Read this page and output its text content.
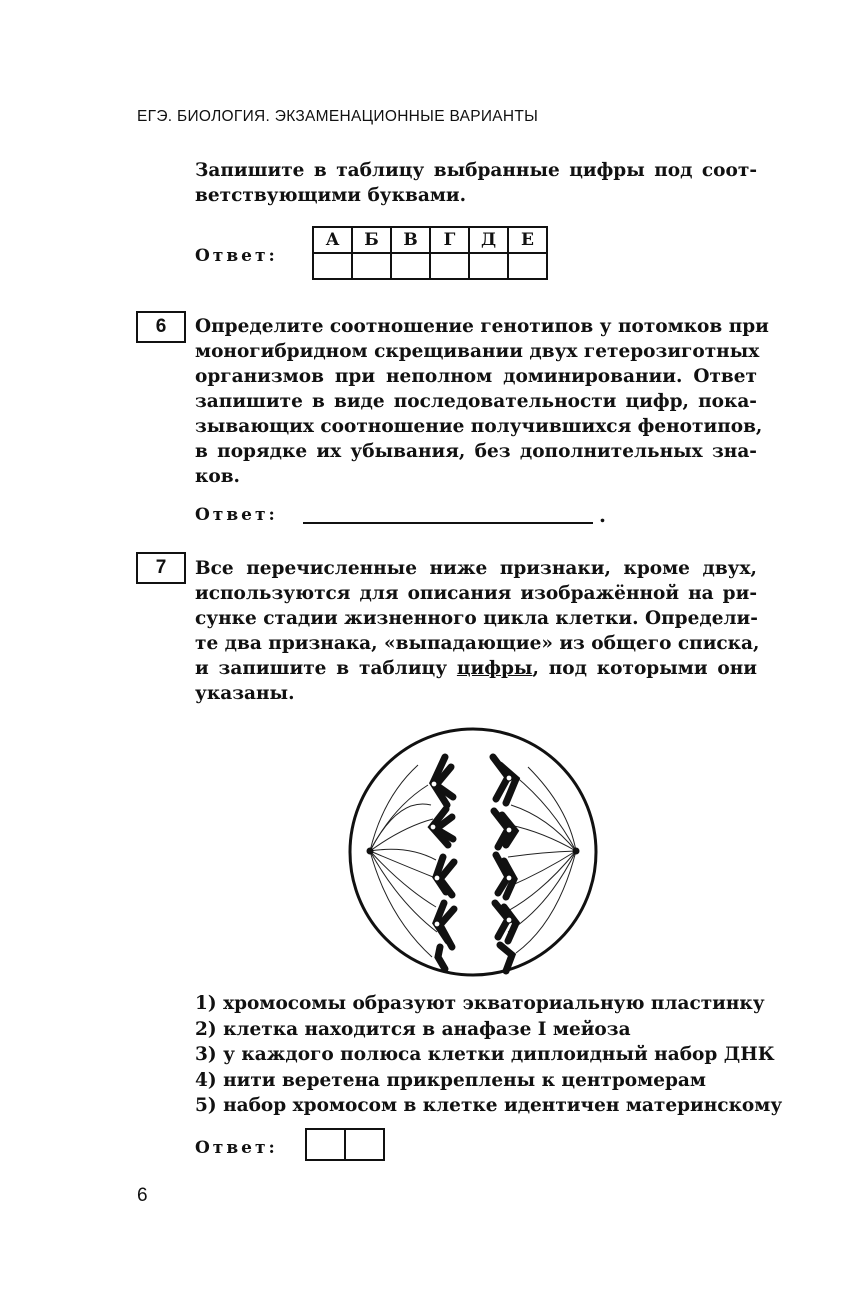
ЕГЭ. БИОЛОГИЯ. ЭКЗАМЕНАЦИОННЫЕ ВАРИАНТЫ
Запишите в таблицу выбранные цифры под соот-
ветствующими буквами.
Ответ:
А	Б	В	Г	Д	Е

6	Определите соотношение генотипов у потомков при
моногибридном скрещивании двух гетерозиготных
организмов при неполном доминировании. Ответ
запишите в виде последовательности цифр, пока-
зывающих соотношение получившихся фенотипов,
в порядке их убывания, без дополнительных зна-
ков.
Ответ:	.
7	Все перечисленные ниже признаки, кроме двух,
используются для описания изображённой на ри-
сунке стадии жизненного цикла клетки. Определи-
те два признака, «выпадающие» из общего списка,
и запишите в таблицу цифры, под которыми они
указаны.
1) хромосомы образуют экваториальную пластинку
2) клетка находится в анафазе I мейоза
3) у каждого полюса клетки диплоидный набор ДНК
4) нити веретена прикреплены к центромерам
5) набор хромосом в клетке идентичен материнскому
Ответ:

6
